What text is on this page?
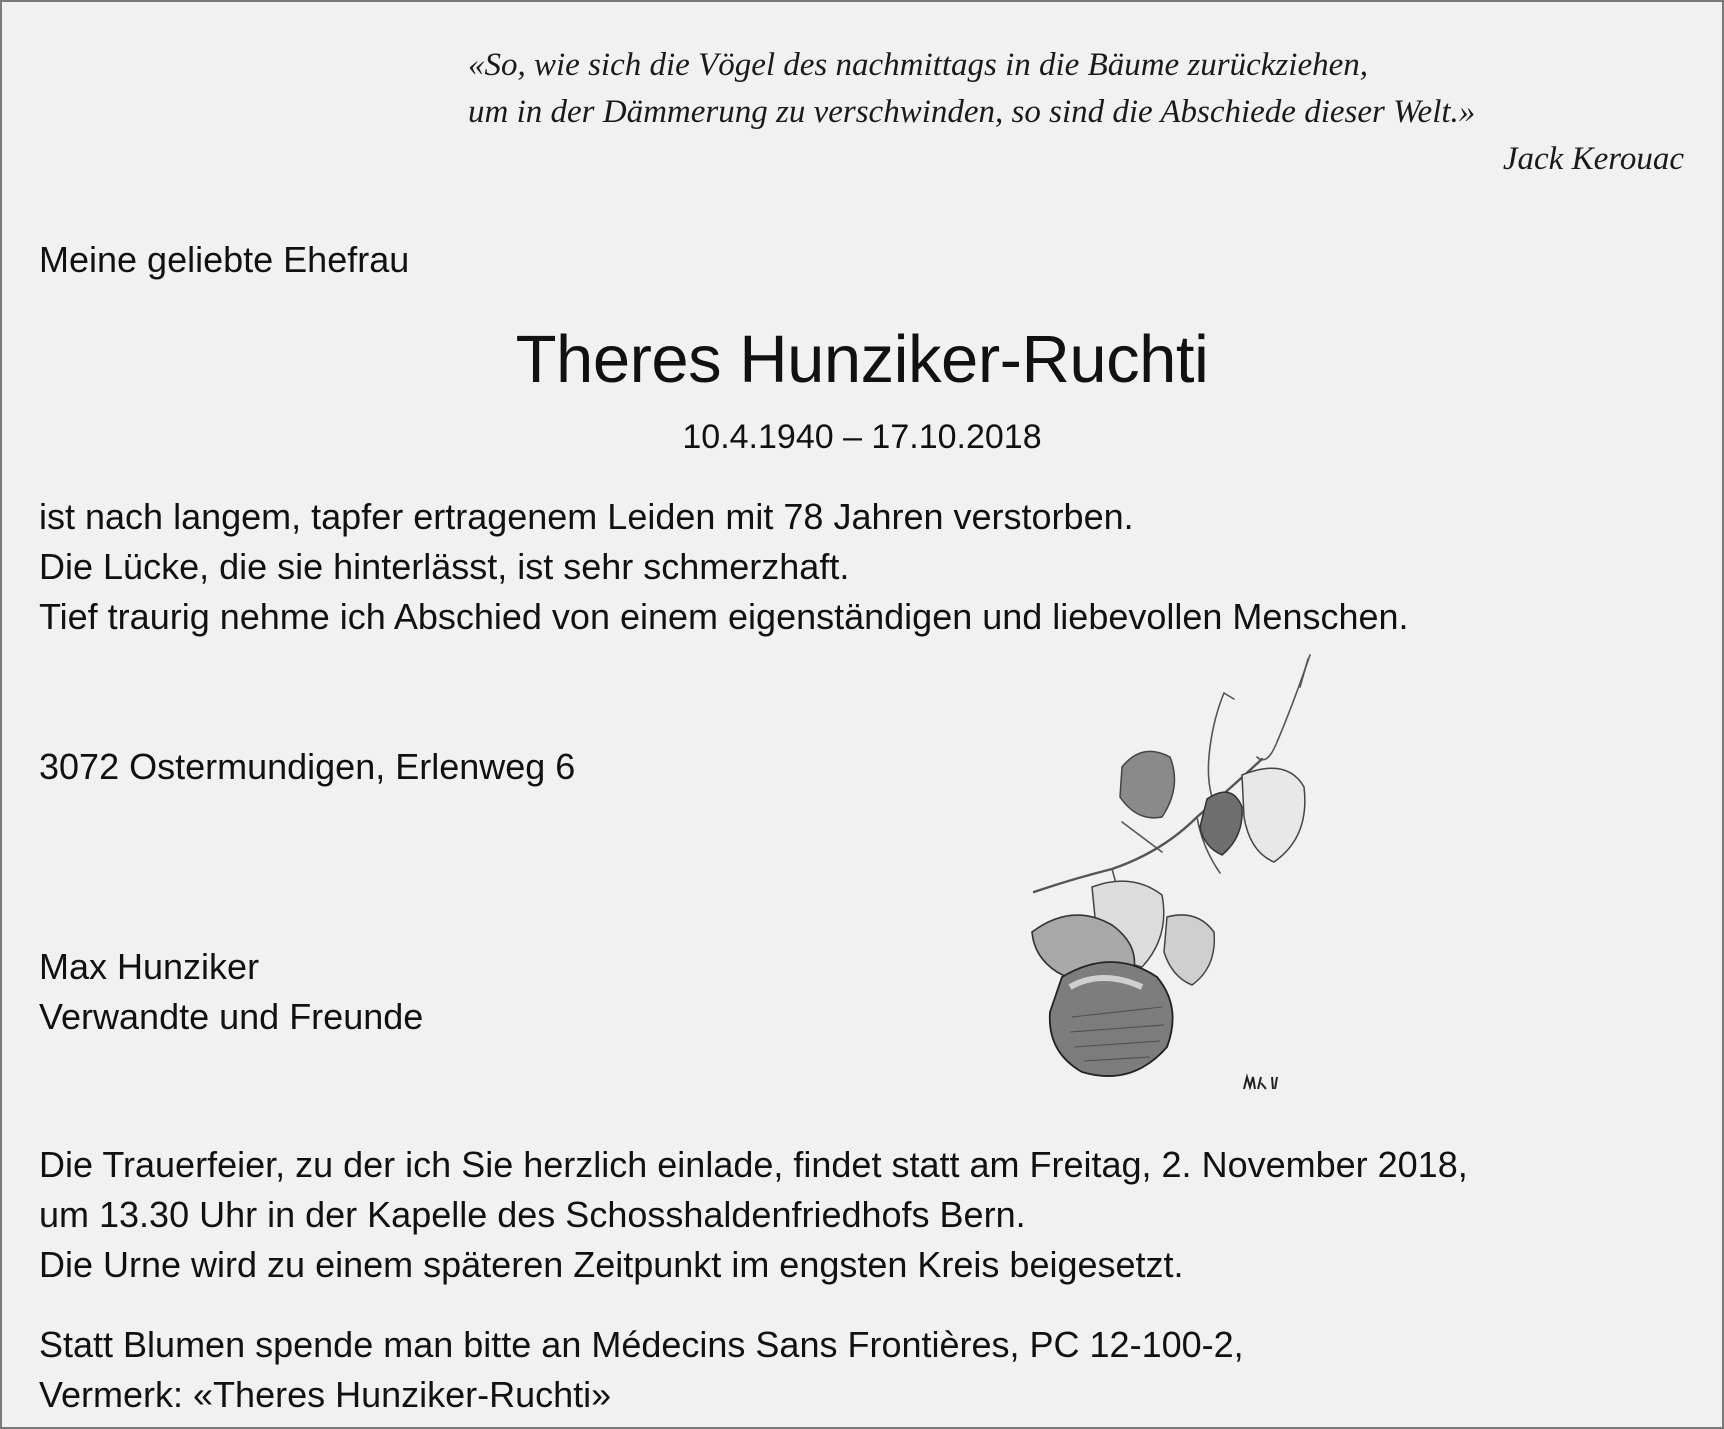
«So, wie sich die Vögel des nachmittags in die Bäume zurückziehen,
um in der Dämmerung zu verschwinden, so sind die Abschiede dieser Welt.»
Jack Kerouac
Meine geliebte Ehefrau
Theres Hunziker-Ruchti
10.4.1940 – 17.10.2018
ist nach langem, tapfer ertragenem Leiden mit 78 Jahren verstorben.
Die Lücke, die sie hinterlässt, ist sehr schmerzhaft.
Tief traurig nehme ich Abschied von einem eigenständigen und liebevollen Menschen.
3072 Ostermundigen, Erlenweg 6
Max Hunziker
Verwandte und Freunde
Die Trauerfeier, zu der ich Sie herzlich einlade, findet statt am Freitag, 2. November 2018,
um 13.30 Uhr in der Kapelle des Schosshaldenfriedhofs Bern.
Die Urne wird zu einem späteren Zeitpunkt im engsten Kreis beigesetzt.
Statt Blumen spende man bitte an Médecins Sans Frontières, PC 12-100-2,
Vermerk: «Theres Hunziker-Ruchti»
